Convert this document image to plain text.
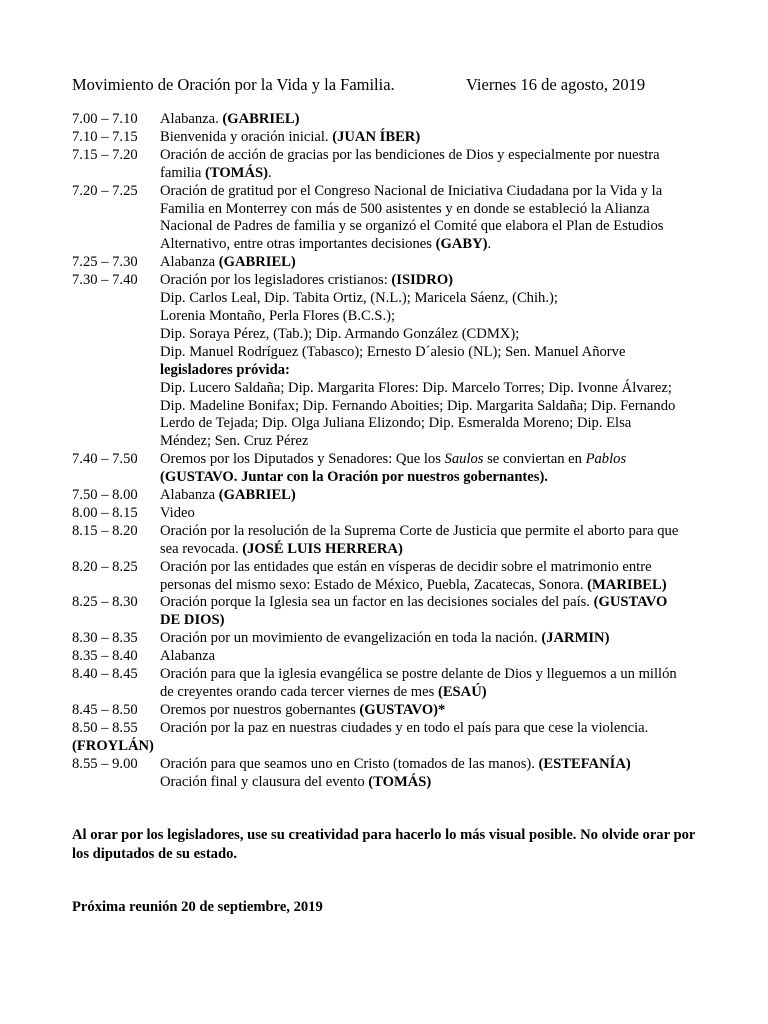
Movimiento de Oración por la Vida y la Familia.	Viernes 16 de agosto, 2019
7.00 – 7.10 Alabanza. (GABRIEL)
7.10 – 7.15 Bienvenida y oración inicial. (JUAN ÍBER)
7.15 – 7.20 Oración de acción de gracias por las bendiciones de Dios y especialmente por nuestra
familia (TOMÁS).
7.20 – 7.25 Oración de gratitud por el Congreso Nacional de Iniciativa Ciudadana por la Vida y la
Familia en Monterrey con más de 500 asistentes y en donde se estableció la Alianza
Nacional de Padres de familia y se organizó el Comité que elabora el Plan de Estudios
Alternativo, entre otras importantes decisiones (GABY).
7.25 – 7.30 Alabanza (GABRIEL)
7.30 – 7.40 Oración por los legisladores cristianos: (ISIDRO)
Dip. Carlos Leal, Dip. Tabita Ortiz, (N.L.); Maricela Sáenz, (Chih.);
Lorenia Montaño, Perla Flores (B.C.S.);
Dip. Soraya Pérez, (Tab.); Dip. Armando González (CDMX);
Dip. Manuel Rodríguez (Tabasco); Ernesto D´alesio (NL); Sen. Manuel Añorve
legisladores próvida:
Dip. Lucero Saldaña; Dip. Margarita Flores: Dip. Marcelo Torres; Dip. Ivonne Álvarez;
Dip. Madeline Bonifax; Dip. Fernando Aboities; Dip. Margarita Saldaña; Dip. Fernando
Lerdo de Tejada; Dip. Olga Juliana Elizondo; Dip. Esmeralda Moreno; Dip. Elsa
Méndez; Sen. Cruz Pérez
7.40 – 7.50 Oremos por los Diputados y Senadores: Que los Saulos se conviertan en Pablos
(GUSTAVO. Juntar con la Oración por nuestros gobernantes).
7.50 – 8.00 Alabanza (GABRIEL)
8.00 – 8.15 Video
8.15 – 8.20 Oración por la resolución de la Suprema Corte de Justicia que permite el aborto para que
sea revocada. (JOSÉ LUIS HERRERA)
8.20 – 8.25 Oración por las entidades que están en vísperas de decidir sobre el matrimonio entre
personas del mismo sexo: Estado de México, Puebla, Zacatecas, Sonora. (MARIBEL)
8.25 – 8.30 Oración porque la Iglesia sea un factor en las decisiones sociales del país. (GUSTAVO
DE DIOS)
8.30 – 8.35 Oración por un movimiento de evangelización en toda la nación. (JARMIN)
8.35 – 8.40 Alabanza
8.40 – 8.45 Oración para que la iglesia evangélica se postre delante de Dios y lleguemos a un millón
de creyentes orando cada tercer viernes de mes (ESAÚ)
8.45 – 8.50 Oremos por nuestros gobernantes (GUSTAVO)*
8.50 – 8.55 Oración por la paz en nuestras ciudades y en todo el país para que cese la violencia.
(FROYLÁN)
8.55 – 9.00 Oración para que seamos uno en Cristo (tomados de las manos). (ESTEFANÍA)
Oración final y clausura del evento (TOMÁS)
Al orar por los legisladores, use su creatividad para hacerlo lo más visual posible. No olvide orar por los diputados de su estado.
Próxima reunión 20 de septiembre, 2019
